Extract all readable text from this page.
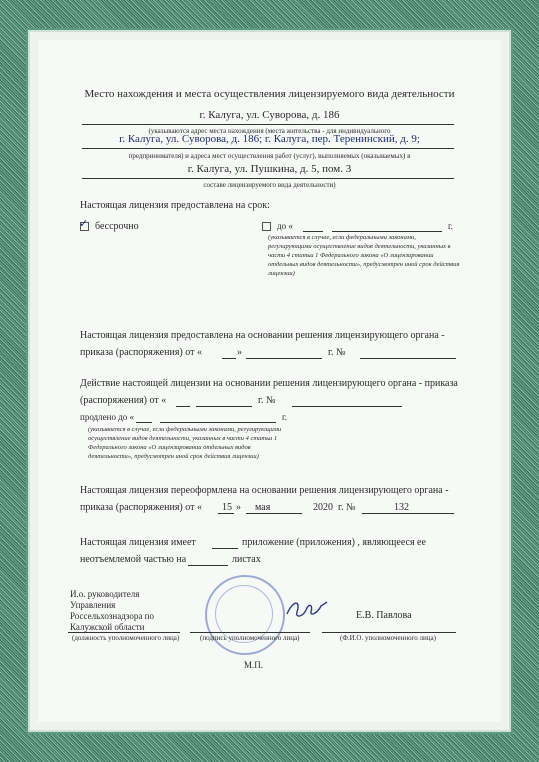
Место нахождения и места осуществления лицензируемого вида деятельности
г. Калуга, ул. Суворова, д. 186
(указываются адрес места нахождения (места жительства - для индивидуального
г. Калуга, ул. Суворова, д. 186; г. Калуга, пер. Теренинский, д. 9;
предпринимателя) и адреса мест осуществления работ (услуг), выполняемых (оказываемых) в
г. Калуга, ул. Пушкина, д. 5, пом. 3
составе лицензируемого вида деятельности)
Настоящая лицензия предоставлена на срок:
✓ бессрочно	до «	г.
(указывается в случае, если федеральными законами, регулирующими осуществление видов деятельности, указанных в части 4 статьи 1 Федерального закона «О лицензировании отдельных видов деятельности», предусмотрен иной срок действия лицензии)
Настоящая лицензия предоставлена на основании решения лицензирующего органа -
приказа (распоряжения) от «	»	г. №
Действие настоящей лицензии на основании решения лицензирующего органа - приказа
(распоряжения) от «	г. №
продлено до «	г.
(указывается в случае, если федеральными законами, регулирующими осуществление видов деятельности, указанных в части 4 статьи 1 Федерального закона «О лицензировании отдельных видов деятельности», предусмотрен иной срок действия лицензии)
Настоящая лицензия переоформлена на основании решения лицензирующего органа -
приказа (распоряжения) от « 15 » мая	2020 г. №	132
Настоящая лицензия имеет	приложение (приложения) , являющееся ее
неотъемлемой частью на	листах
И.о. руководителя
Управления
Россельхознадзора по
Калужской области
(должность уполномоченного лица)	(подпись уполномоченного лица)
Е.В. Павлова
(Ф.И.О. уполномоченного лица)
М.П.
